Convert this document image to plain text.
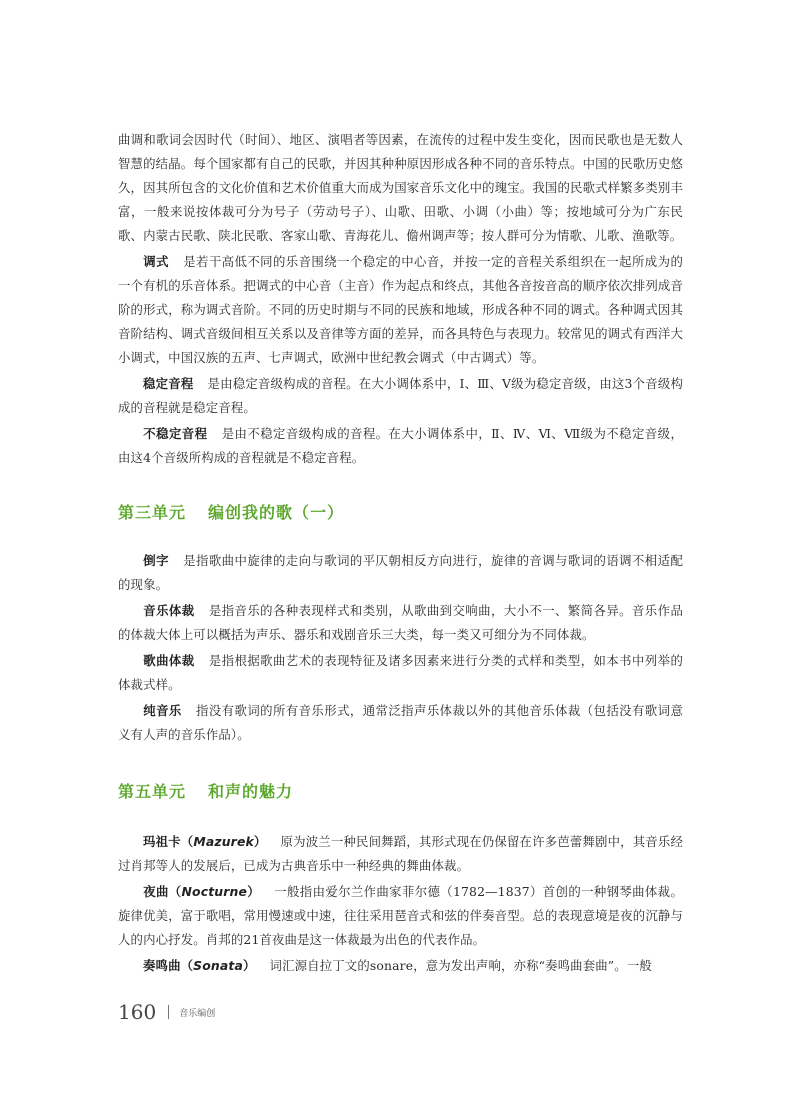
曲调和歌词会因时代（时间）、地区、演唱者等因素，在流传的过程中发生变化，因而民歌也是无数人智慧的结晶。每个国家都有自己的民歌，并因其种种原因形成各种不同的音乐特点。中国的民歌历史悠久，因其所包含的文化价值和艺术价值重大而成为国家音乐文化中的瑰宝。我国的民歌式样繁多类别丰富，一般来说按体裁可分为号子（劳动号子）、山歌、田歌、小调（小曲）等；按地域可分为广东民歌、内蒙古民歌、陕北民歌、客家山歌、青海花儿、儋州调声等；按人群可分为情歌、儿歌、渔歌等。

调式 是若干高低不同的乐音围绕一个稳定的中心音，并按一定的音程关系组织在一起所成为的一个有机的乐音体系。把调式的中心音（主音）作为起点和终点，其他各音按音高的顺序依次排列成音阶的形式，称为调式音阶。不同的历史时期与不同的民族和地域，形成各种不同的调式。各种调式因其音阶结构、调式音级间相互关系以及音律等方面的差异，而各具特色与表现力。较常见的调式有西洋大小调式，中国汉族的五声、七声调式，欧洲中世纪教会调式（中古调式）等。

稳定音程 是由稳定音级构成的音程。在大小调体系中，Ⅰ、Ⅲ、Ⅴ级为稳定音级，由这3个音级构成的音程就是稳定音程。

不稳定音程 是由不稳定音级构成的音程。在大小调体系中，Ⅱ、Ⅳ、Ⅵ、Ⅶ级为不稳定音级，由这4个音级所构成的音程就是不稳定音程。

第三单元 编创我的歌（一）

倒字 是指歌曲中旋律的走向与歌词的平仄朝相反方向进行，旋律的音调与歌词的语调不相适配的现象。

音乐体裁 是指音乐的各种表现样式和类别，从歌曲到交响曲，大小不一、繁简各异。音乐作品的体裁大体上可以概括为声乐、器乐和戏剧音乐三大类，每一类又可细分为不同体裁。

歌曲体裁 是指根据歌曲艺术的表现特征及诸多因素来进行分类的式样和类型，如本书中列举的体裁式样。

纯音乐 指没有歌词的所有音乐形式，通常泛指声乐体裁以外的其他音乐体裁（包括没有歌词意义有人声的音乐作品）。

第五单元 和声的魅力

玛祖卡（Mazurek） 原为波兰一种民间舞蹈，其形式现在仍保留在许多芭蕾舞剧中，其音乐经过肖邦等人的发展后，已成为古典音乐中一种经典的舞曲体裁。

夜曲（Nocturne） 一般指由爱尔兰作曲家菲尔德（1782—1837）首创的一种钢琴曲体裁。旋律优美，富于歌唱，常用慢速或中速，往往采用琶音式和弦的伴奏音型。总的表现意境是夜的沉静与人的内心抒发。肖邦的21首夜曲是这一体裁最为出色的代表作品。

奏鸣曲（Sonata） 词汇源自拉丁文的sonare，意为发出声响，亦称“奏鸣曲套曲”。一般

160	音乐编创
